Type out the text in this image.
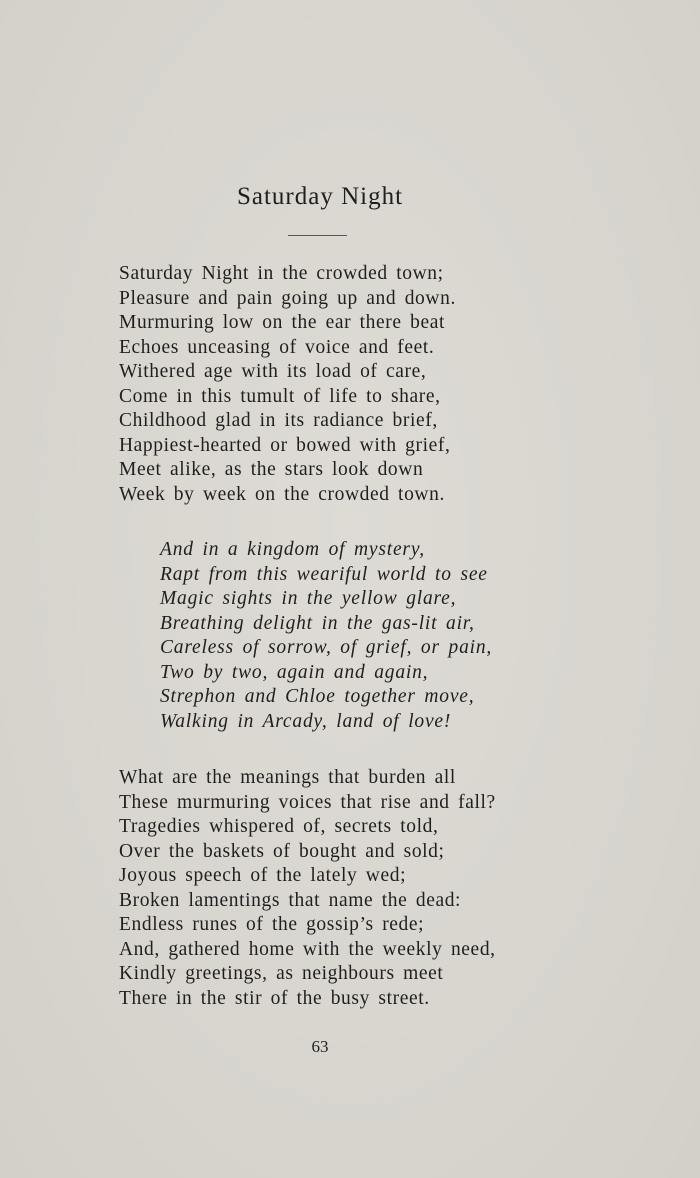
Saturday Night
Saturday Night in the crowded town;
Pleasure and pain going up and down.
Murmuring low on the ear there beat
Echoes unceasing of voice and feet.
Withered age with its load of care,
Come in this tumult of life to share,
Childhood glad in its radiance brief,
Happiest-hearted or bowed with grief,
Meet alike, as the stars look down
Week by week on the crowded town.
And in a kingdom of mystery,
Rapt from this weariful world to see
Magic sights in the yellow glare,
Breathing delight in the gas-lit air,
Careless of sorrow, of grief, or pain,
Two by two, again and again,
Strephon and Chloe together move,
Walking in Arcady, land of love!
What are the meanings that burden all
These murmuring voices that rise and fall?
Tragedies whispered of, secrets told,
Over the baskets of bought and sold;
Joyous speech of the lately wed;
Broken lamentings that name the dead:
Endless runes of the gossip’s rede;
And, gathered home with the weekly need,
Kindly greetings, as neighbours meet
There in the stir of the busy street.
63
